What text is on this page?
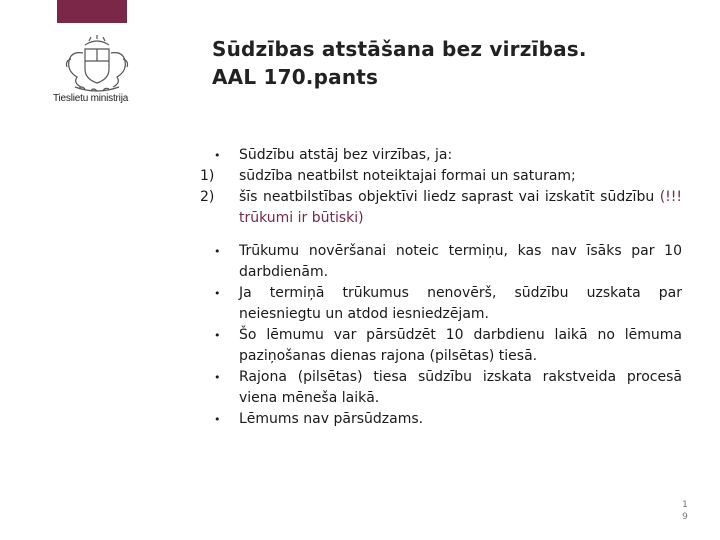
Tieslietu ministrija
Sūdzības atstāšana bez virzības.
AAL 170.pants
•	Sūdzību atstāj bez virzības, ja:
1)	sūdzība neatbilst noteiktajai formai un saturam;
2)	šīs neatbilstības objektīvi liedz saprast vai izskatīt sūdzību (!!! trūkumi ir būtiski)
•	Trūkumu novēršanai noteic termiņu, kas nav īsāks par 10 darbdienām.
•	Ja termiņā trūkumus nenovērš, sūdzību uzskata par neiesniegtu un atdod iesniedzējam.
•	Šo lēmumu var pārsūdzēt 10 darbdienu laikā no lēmuma paziņošanas dienas rajona (pilsētas) tiesā.
•	Rajona (pilsētas) tiesa sūdzību izskata rakstveida procesā viena mēneša laikā.
•	Lēmums nav pārsūdzams.
1
9
